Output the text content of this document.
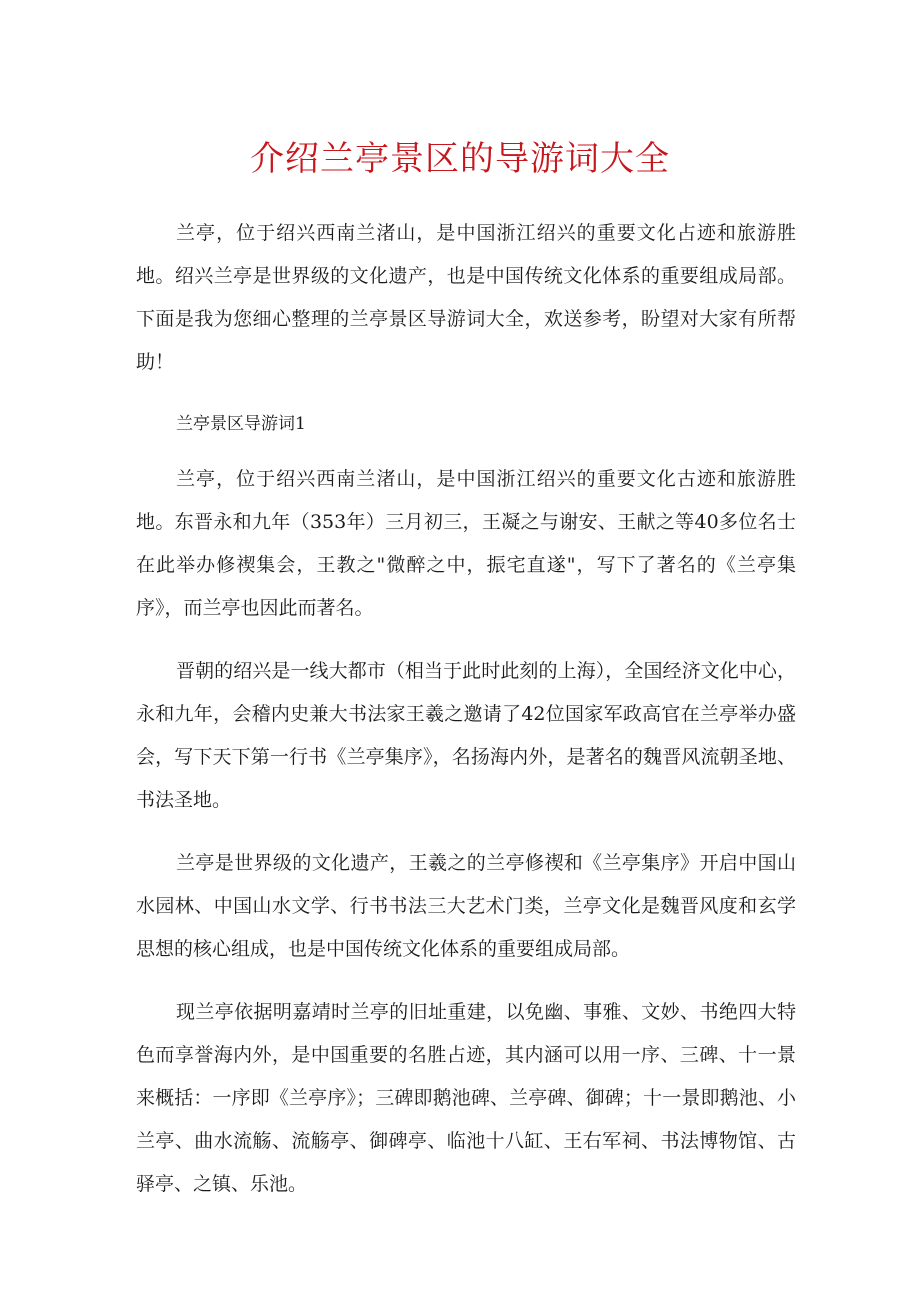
介绍兰亭景区的导游词大全

兰亭，位于绍兴西南兰渚山，是中国浙江绍兴的重要文化占迹和旅游胜地。绍兴兰亭是世界级的文化遗产，也是中国传统文化体系的重要组成局部。下面是我为您细心整理的兰亭景区导游词大全，欢送参考，盼望对大家有所帮助！

兰亭景区导游词1

兰亭，位于绍兴西南兰渚山，是中国浙江绍兴的重要文化古迹和旅游胜地。东晋永和九年（353年）三月初三，王凝之与谢安、王献之等40多位名士在此举办修禊集会，王教之"微醉之中，振宅直遂"，写下了著名的《兰亭集序》，而兰亭也因此而著名。

晋朝的绍兴是一线大都市（相当于此时此刻的上海），全国经济文化中心，永和九年，会稽内史兼大书法家王羲之邀请了42位国家军政高官在兰亭举办盛会，写下天下第一行书《兰亭集序》，名扬海内外，是著名的魏晋风流朝圣地、书法圣地。

兰亭是世界级的文化遗产，王羲之的兰亭修禊和《兰亭集序》开启中国山水园林、中国山水文学、行书书法三大艺术门类，兰亭文化是魏晋风度和玄学思想的核心组成，也是中国传统文化体系的重要组成局部。

现兰亭依据明嘉靖时兰亭的旧址重建，以免幽、事雅、文妙、书绝四大特色而享誉海内外，是中国重要的名胜占迹，其内涵可以用一序、三碑、十一景来概括：一序即《兰亭序》；三碑即鹅池碑、兰亭碑、御碑；十一景即鹅池、小兰亭、曲水流觞、流觞亭、御碑亭、临池十八缸、王右军祠、书法博物馆、古驿亭、之镇、乐池。
